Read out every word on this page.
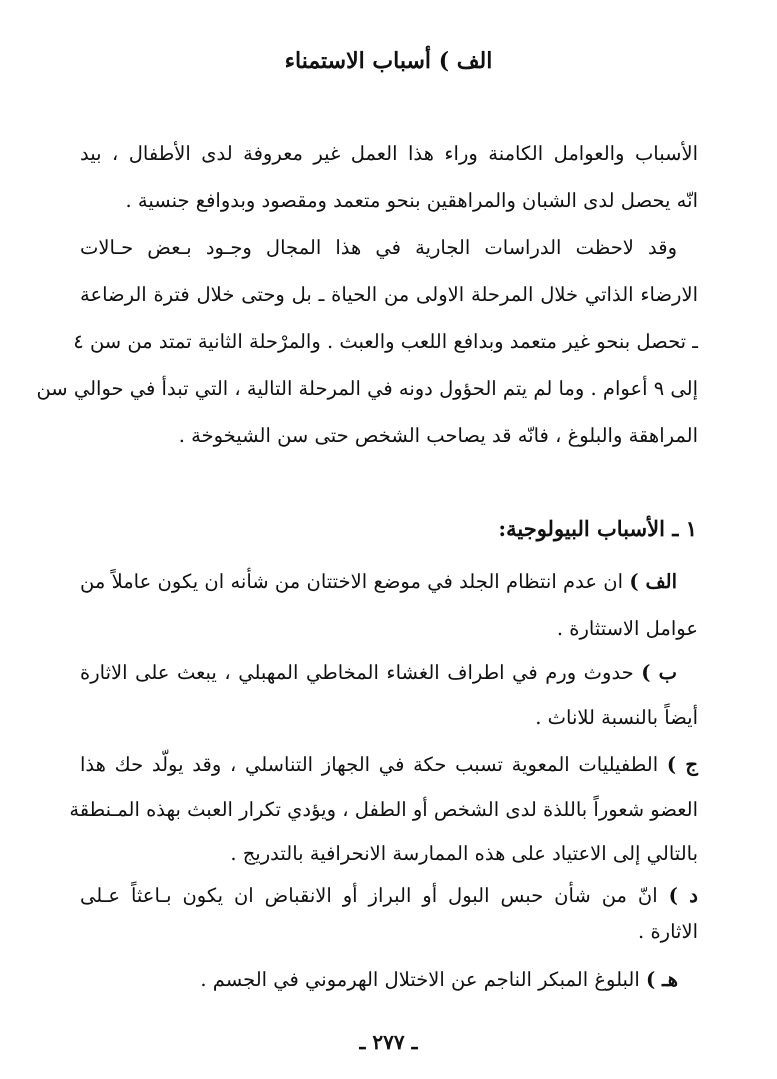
الف ) أسباب الاستمناء
الأسباب والعوامل الكامنة وراء هذا العمل غير معروفة لدى الأطفال ، بيد
انّه يحصل لدى الشبان والمراهقين بنحو متعمد ومقصود وبدوافع جنسية .
وقد لاحظت الدراسات الجارية في هذا المجال وجـود بـعض حـالات
الارضاء الذاتي خلال المرحلة الاولى من الحياة ـ بل وحتى خلال فترة الرضاعة
ـ تحصل بنحو غير متعمد وبدافع اللعب والعبث . والمرْحلة الثانية تمتد من سن ٤
إلى ٩ أعوام . وما لم يتم الحؤول دونه في المرحلة التالية ، التي تبدأ في حوالي سن
المراهقة والبلوغ ، فانّه قد يصاحب الشخص حتى سن الشيخوخة .
١ ـ الأسباب البيولوجية:
الف ) ان عدم انتظام الجلد في موضع الاختتان من شأنه ان يكون عاملاً من
عوامل الاستثارة .
ب ) حدوث ورم في اطراف الغشاء المخاطي المهبلي ، يبعث على الاثارة
أيضاً بالنسبة للاناث .
ج ) الطفيليات المعوية تسبب حكة في الجهاز التناسلي ، وقد يولّد حك هذا
العضو شعوراً باللذة لدى الشخص أو الطفل ، ويؤدي تكرار العبث بهذه المـنطقة
بالتالي إلى الاعتياد على هذه الممارسة الانحرافية بالتدريج .
د ) انّ من شأن حبس البول أو البراز أو الانقباض ان يكون بـاعثاً عـلى
الاثارة .
هـ ) البلوغ المبكر الناجم عن الاختلال الهرموني في الجسم .
ـ ٢٧٧ ـ
